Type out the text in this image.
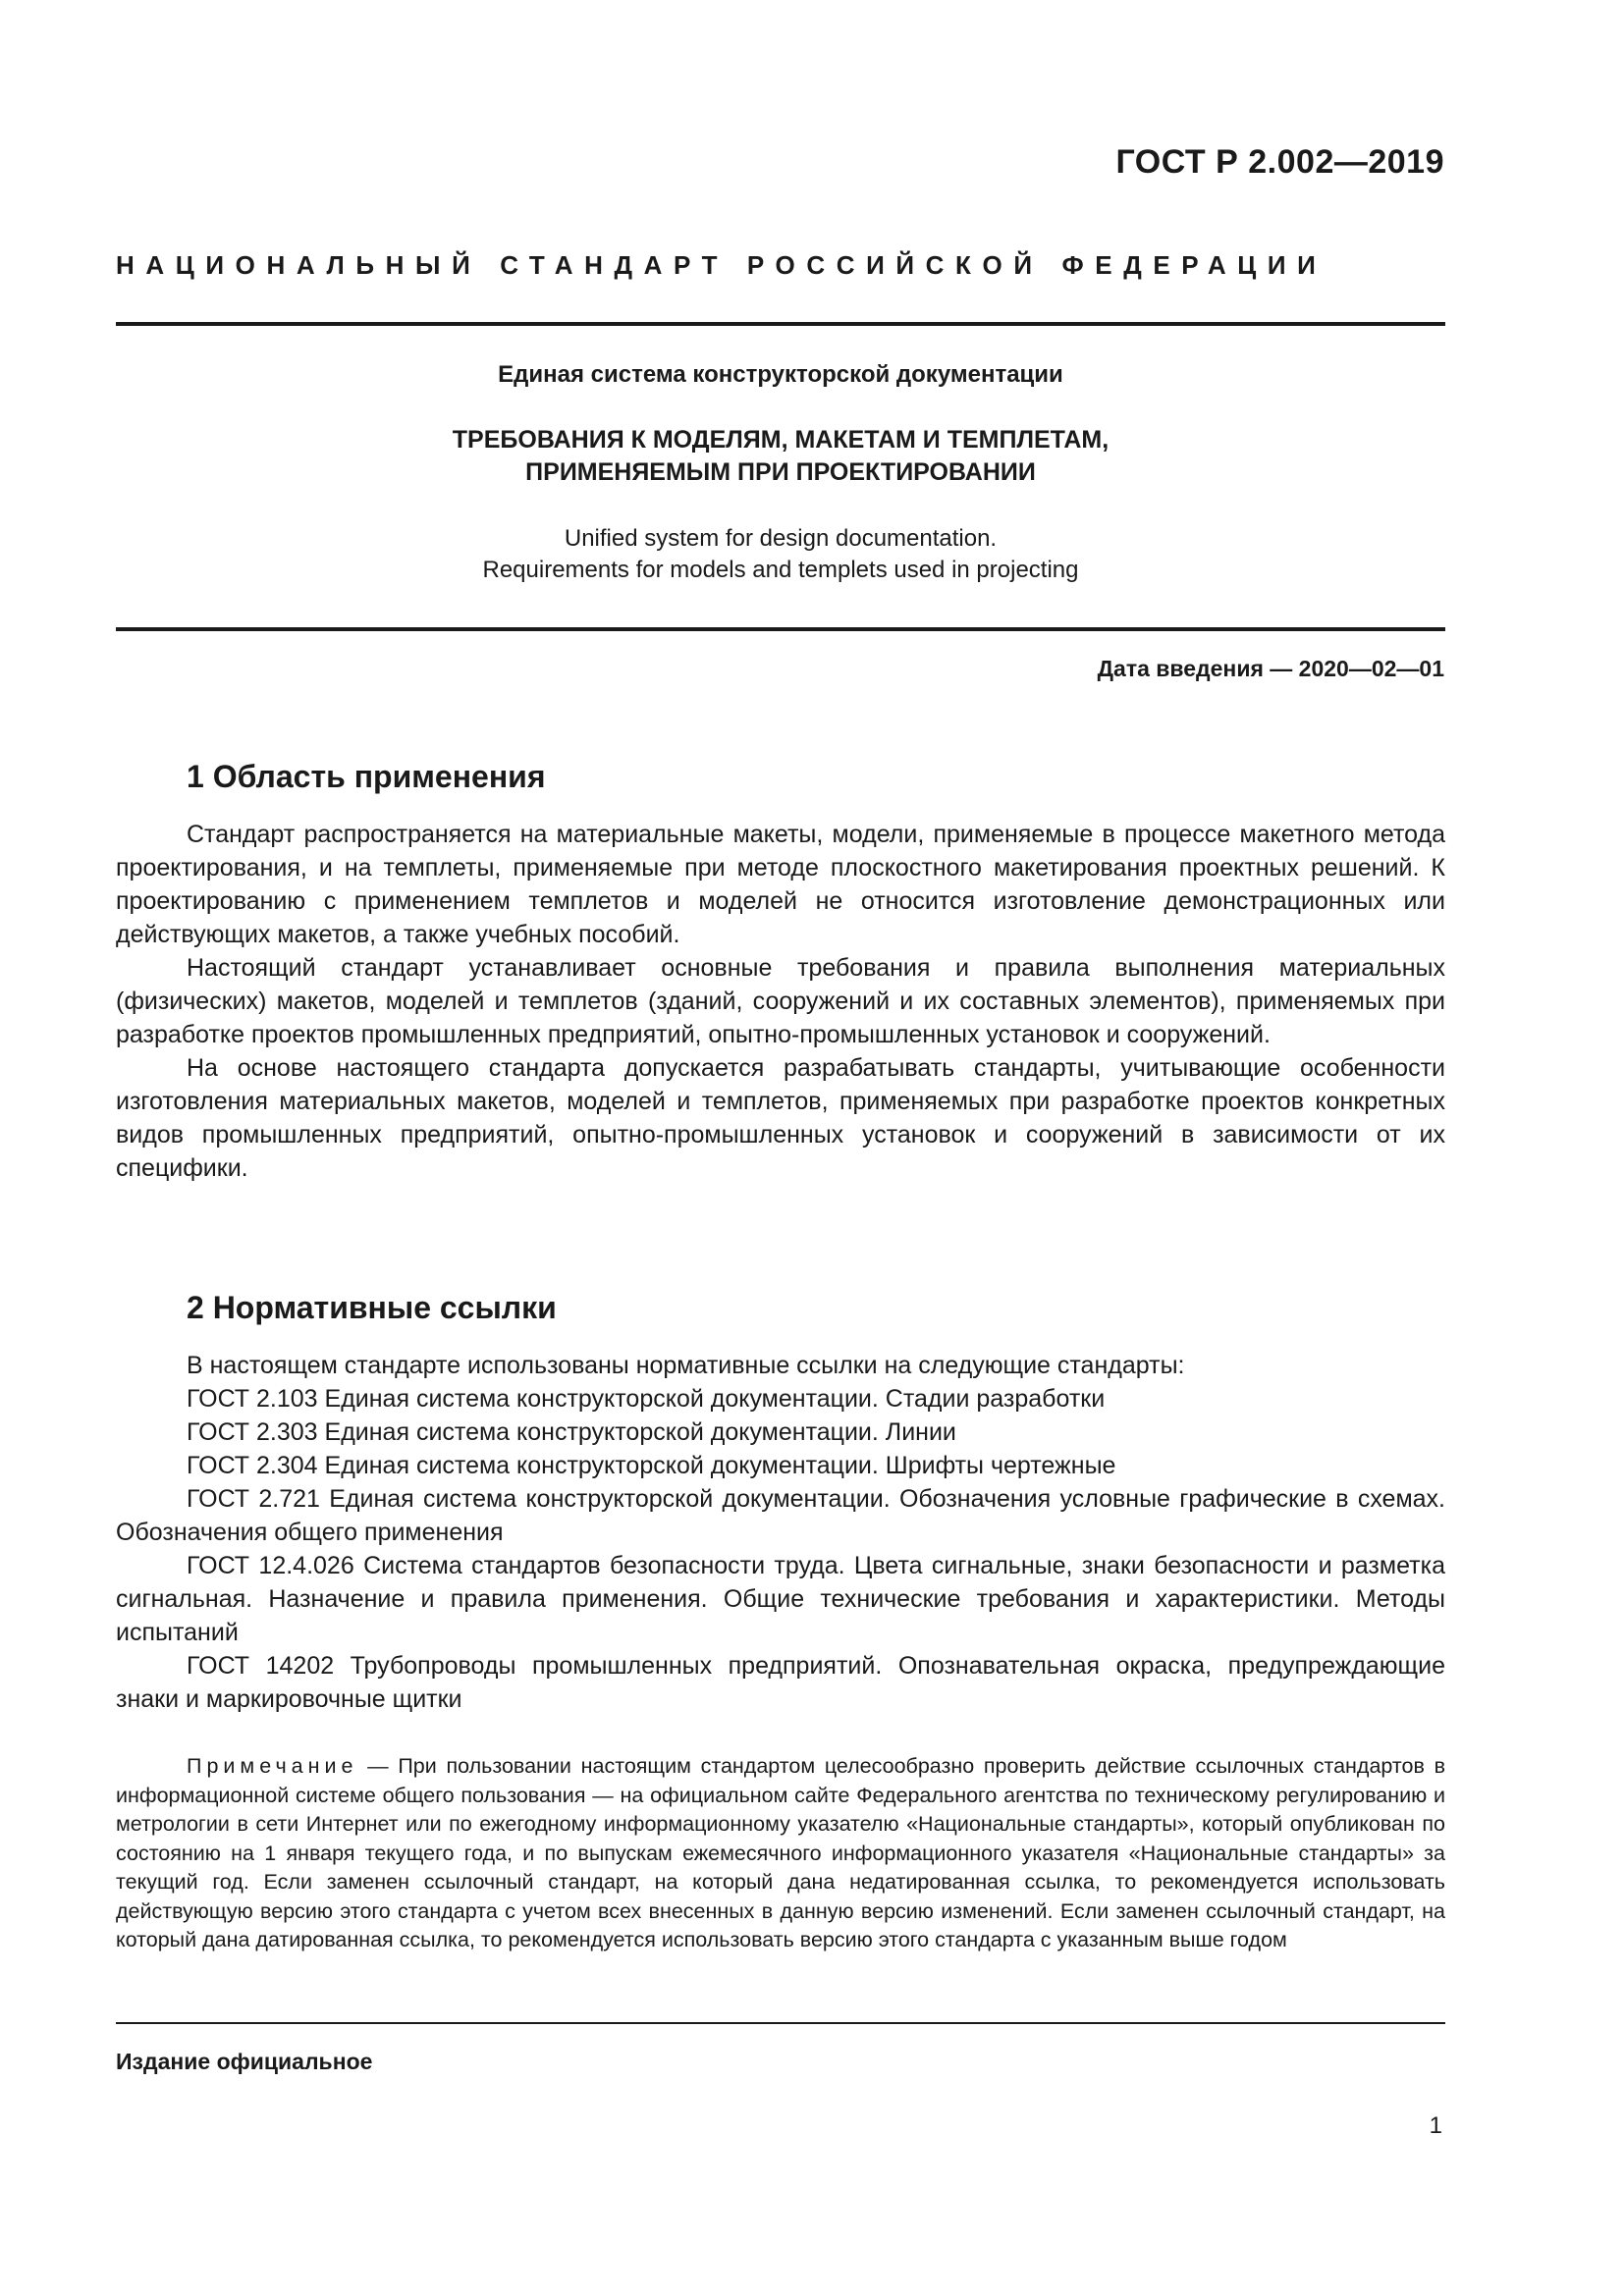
ГОСТ Р 2.002—2019
НАЦИОНАЛЬНЫЙ СТАНДАРТ РОССИЙСКОЙ ФЕДЕРАЦИИ
Единая система конструкторской документации
ТРЕБОВАНИЯ К МОДЕЛЯМ, МАКЕТАМ И ТЕМПЛЕТАМ,
ПРИМЕНЯЕМЫМ ПРИ ПРОЕКТИРОВАНИИ
Unified system for design documentation.
Requirements for models and templets used in projecting
Дата введения — 2020—02—01
1 Область применения

Стандарт распространяется на материальные макеты, модели, применяемые в процессе макетного метода проектирования, и на темплеты, применяемые при методе плоскостного макетирования проектных решений. К проектированию с применением темплетов и моделей не относится изготовление демонстрационных или действующих макетов, а также учебных пособий.

Настоящий стандарт устанавливает основные требования и правила выполнения материальных (физических) макетов, моделей и темплетов (зданий, сооружений и их составных элементов), применяемых при разработке проектов промышленных предприятий, опытно-промышленных установок и сооружений.

На основе настоящего стандарта допускается разрабатывать стандарты, учитывающие особенности изготовления материальных макетов, моделей и темплетов, применяемых при разработке проектов конкретных видов промышленных предприятий, опытно-промышленных установок и сооружений в зависимости от их специфики.

2 Нормативные ссылки

В настоящем стандарте использованы нормативные ссылки на следующие стандарты:

ГОСТ 2.103 Единая система конструкторской документации. Стадии разработки

ГОСТ 2.303 Единая система конструкторской документации. Линии

ГОСТ 2.304 Единая система конструкторской документации. Шрифты чертежные

ГОСТ 2.721 Единая система конструкторской документации. Обозначения условные графические в схемах. Обозначения общего применения

ГОСТ 12.4.026 Система стандартов безопасности труда. Цвета сигнальные, знаки безопасности и разметка сигнальная. Назначение и правила применения. Общие технические требования и характеристики. Методы испытаний

ГОСТ 14202 Трубопроводы промышленных предприятий. Опознавательная окраска, предупреждающие знаки и маркировочные щитки

Примечание — При пользовании настоящим стандартом целесообразно проверить действие ссылочных стандартов в информационной системе общего пользования — на официальном сайте Федерального агентства по техническому регулированию и метрологии в сети Интернет или по ежегодному информационному указателю «Национальные стандарты», который опубликован по состоянию на 1 января текущего года, и по выпускам ежемесячного информационного указателя «Национальные стандарты» за текущий год. Если заменен ссылочный стандарт, на который дана недатированная ссылка, то рекомендуется использовать действующую версию этого стандарта с учетом всех внесенных в данную версию изменений. Если заменен ссылочный стандарт, на который дана датированная ссылка, то рекомендуется использовать версию этого стандарта с указанным выше годом

Издание официальное
1
